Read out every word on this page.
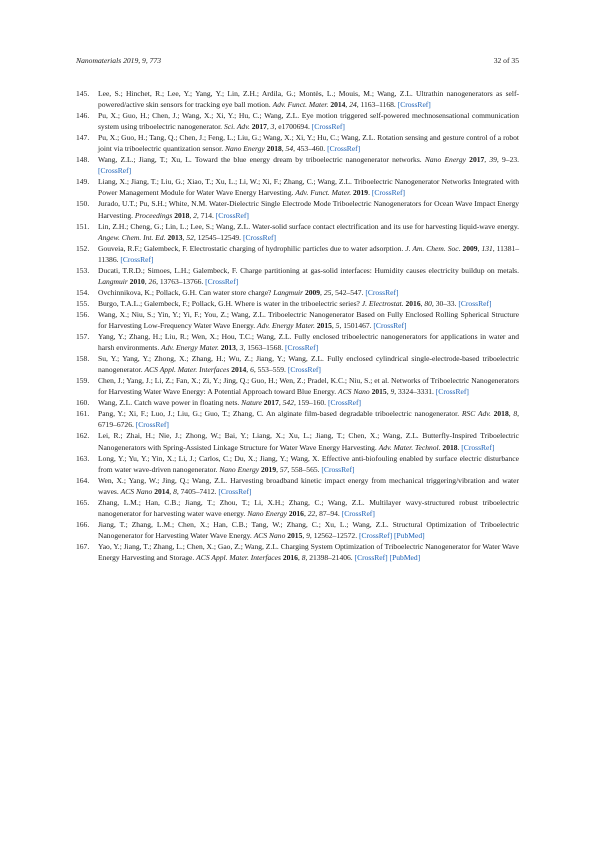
Nanomaterials 2019, 9, 773	32 of 35

145. Lee, S.; Hinchet, R.; Lee, Y.; Yang, Y.; Lin, Z.H.; Ardila, G.; Montès, L.; Mouis, M.; Wang, Z.L. Ultrathin nanogenerators as self-powered/active skin sensors for tracking eye ball motion. Adv. Funct. Mater. 2014, 24, 1163–1168. [CrossRef]

146. Pu, X.; Guo, H.; Chen, J.; Wang, X.; Xi, Y.; Hu, C.; Wang, Z.L. Eye motion triggered self-powered mechnosensational communication system using triboelectric nanogenerator. Sci. Adv. 2017, 3, e1700694. [CrossRef]

147. Pu, X.; Guo, H.; Tang, Q.; Chen, J.; Feng, L.; Liu, G.; Wang, X.; Xi, Y.; Hu, C.; Wang, Z.L. Rotation sensing and gesture control of a robot joint via triboelectric quantization sensor. Nano Energy 2018, 54, 453–460. [CrossRef]

148. Wang, Z.L.; Jiang, T.; Xu, L. Toward the blue energy dream by triboelectric nanogenerator networks. Nano Energy 2017, 39, 9–23. [CrossRef]

149. Liang, X.; Jiang, T.; Liu, G.; Xiao, T.; Xu, L.; Li, W.; Xi, F.; Zhang, C.; Wang, Z.L. Triboelectric Nanogenerator Networks Integrated with Power Management Module for Water Wave Energy Harvesting. Adv. Funct. Mater. 2019. [CrossRef]

150. Jurado, U.T.; Pu, S.H.; White, N.M. Water-Dielectric Single Electrode Mode Triboelectric Nanogenerators for Ocean Wave Impact Energy Harvesting. Proceedings 2018, 2, 714. [CrossRef]

151. Lin, Z.H.; Cheng, G.; Lin, L.; Lee, S.; Wang, Z.L. Water-solid surface contact electrification and its use for harvesting liquid-wave energy. Angew. Chem. Int. Ed. 2013, 52, 12545–12549. [CrossRef]

152. Gouveia, R.F.; Galembeck, F. Electrostatic charging of hydrophilic particles due to water adsorption. J. Am. Chem. Soc. 2009, 131, 11381–11386. [CrossRef]

153. Ducati, T.R.D.; Simoes, L.H.; Galembeck, F. Charge partitioning at gas-solid interfaces: Humidity causes electricity buildup on metals. Langmuir 2010, 26, 13763–13766. [CrossRef]

154. Ovchinnikova, K.; Pollack, G.H. Can water store charge? Langmuir 2009, 25, 542–547. [CrossRef]

155. Burgo, T.A.L.; Galembeck, F.; Pollack, G.H. Where is water in the triboelectric series? J. Electrostat. 2016, 80, 30–33. [CrossRef]

156. Wang, X.; Niu, S.; Yin, Y.; Yi, F.; You, Z.; Wang, Z.L. Triboelectric Nanogenerator Based on Fully Enclosed Rolling Spherical Structure for Harvesting Low-Frequency Water Wave Energy. Adv. Energy Mater. 2015, 5, 1501467. [CrossRef]

157. Yang, Y.; Zhang, H.; Liu, R.; Wen, X.; Hou, T.C.; Wang, Z.L. Fully enclosed triboelectric nanogenerators for applications in water and harsh environments. Adv. Energy Mater. 2013, 3, 1563–1568. [CrossRef]

158. Su, Y.; Yang, Y.; Zhong, X.; Zhang, H.; Wu, Z.; Jiang, Y.; Wang, Z.L. Fully enclosed cylindrical single-electrode-based triboelectric nanogenerator. ACS Appl. Mater. Interfaces 2014, 6, 553–559. [CrossRef]

159. Chen, J.; Yang, J.; Li, Z.; Fan, X.; Zi, Y.; Jing, Q.; Guo, H.; Wen, Z.; Pradel, K.C.; Niu, S.; et al. Networks of Triboelectric Nanogenerators for Harvesting Water Wave Energy: A Potential Approach toward Blue Energy. ACS Nano 2015, 9, 3324–3331. [CrossRef]

160. Wang, Z.L. Catch wave power in floating nets. Nature 2017, 542, 159–160. [CrossRef]

161. Pang, Y.; Xi, F.; Luo, J.; Liu, G.; Guo, T.; Zhang, C. An alginate film-based degradable triboelectric nanogenerator. RSC Adv. 2018, 8, 6719–6726. [CrossRef]

162. Lei, R.; Zhai, H.; Nie, J.; Zhong, W.; Bai, Y.; Liang, X.; Xu, L.; Jiang, T.; Chen, X.; Wang, Z.L. Butterfly-Inspired Triboelectric Nanogenerators with Spring-Assisted Linkage Structure for Water Wave Energy Harvesting. Adv. Mater. Technol. 2018. [CrossRef]

163. Long, Y.; Yu, Y.; Yin, X.; Li, J.; Carlos, C.; Du, X.; Jiang, Y.; Wang, X. Effective anti-biofouling enabled by surface electric disturbance from water wave-driven nanogenerator. Nano Energy 2019, 57, 558–565. [CrossRef]

164. Wen, X.; Yang, W.; Jing, Q.; Wang, Z.L. Harvesting broadband kinetic impact energy from mechanical triggering/vibration and water waves. ACS Nano 2014, 8, 7405–7412. [CrossRef]

165. Zhang, L.M.; Han, C.B.; Jiang, T.; Zhou, T.; Li, X.H.; Zhang, C.; Wang, Z.L. Multilayer wavy-structured robust triboelectric nanogenerator for harvesting water wave energy. Nano Energy 2016, 22, 87–94. [CrossRef]

166. Jiang, T.; Zhang, L.M.; Chen, X.; Han, C.B.; Tang, W.; Zhang, C.; Xu, L.; Wang, Z.L. Structural Optimization of Triboelectric Nanogenerator for Harvesting Water Wave Energy. ACS Nano 2015, 9, 12562–12572. [CrossRef] [PubMed]

167. Yao, Y.; Jiang, T.; Zhang, L.; Chen, X.; Gao, Z.; Wang, Z.L. Charging System Optimization of Triboelectric Nanogenerator for Water Wave Energy Harvesting and Storage. ACS Appl. Mater. Interfaces 2016, 8, 21398–21406. [CrossRef] [PubMed]
